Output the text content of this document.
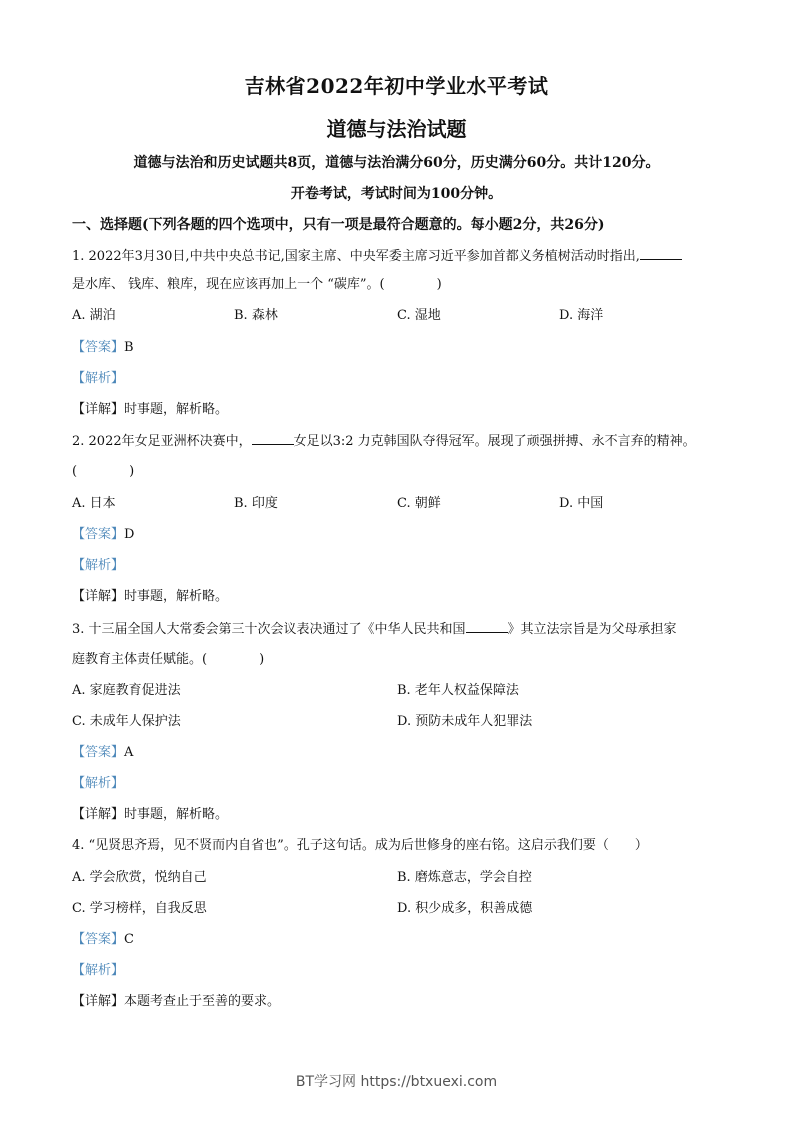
吉林省2022年初中学业水平考试
道德与法治试题
道德与法治和历史试题共8页，道德与法治满分60分，历史满分60分。共计120分。
开卷考试，考试时间为100分钟。
一、选择题(下列各题的四个选项中，只有一项是最符合题意的。每小题2分，共26分)
1. 2022年3月30日,中共中央总书记,国家主席、中央军委主席习近平参加首都义务植树活动时指出,
是水库、 钱库、粮库，现在应该再加上一个 “碳库”。(　　　　)
A. 湖泊	B. 森林	C. 湿地	D. 海洋
【答案】B
【解析】
【详解】时事题，解析略。
2. 2022年女足亚洲杯决赛中，	女足以3:2 力克韩国队夺得冠军。展现了顽强拼搏、永不言弃的精神。
(　　　　)
A. 日本	B. 印度	C. 朝鲜	D. 中国
【答案】D
【解析】
【详解】时事题，解析略。
3. 十三届全国人大常委会第三十次会议表决通过了《中华人民共和国	》其立法宗旨是为父母承担家
庭教育主体责任赋能。(　　　　)
A. 家庭教育促进法	B. 老年人权益保障法
C. 未成年人保护法	D. 预防未成年人犯罪法
【答案】A
【解析】
【详解】时事题，解析略。
4. “见贤思齐焉，见不贤而内自省也”。孔子这句话。成为后世修身的座右铭。这启示我们要（　　）
A. 学会欣赏，悦纳自己	B. 磨炼意志，学会自控
C. 学习榜样，自我反思	D. 积少成多，积善成德
【答案】C
【解析】
【详解】本题考查止于至善的要求。
BT学习网 https://btxuexi.com
